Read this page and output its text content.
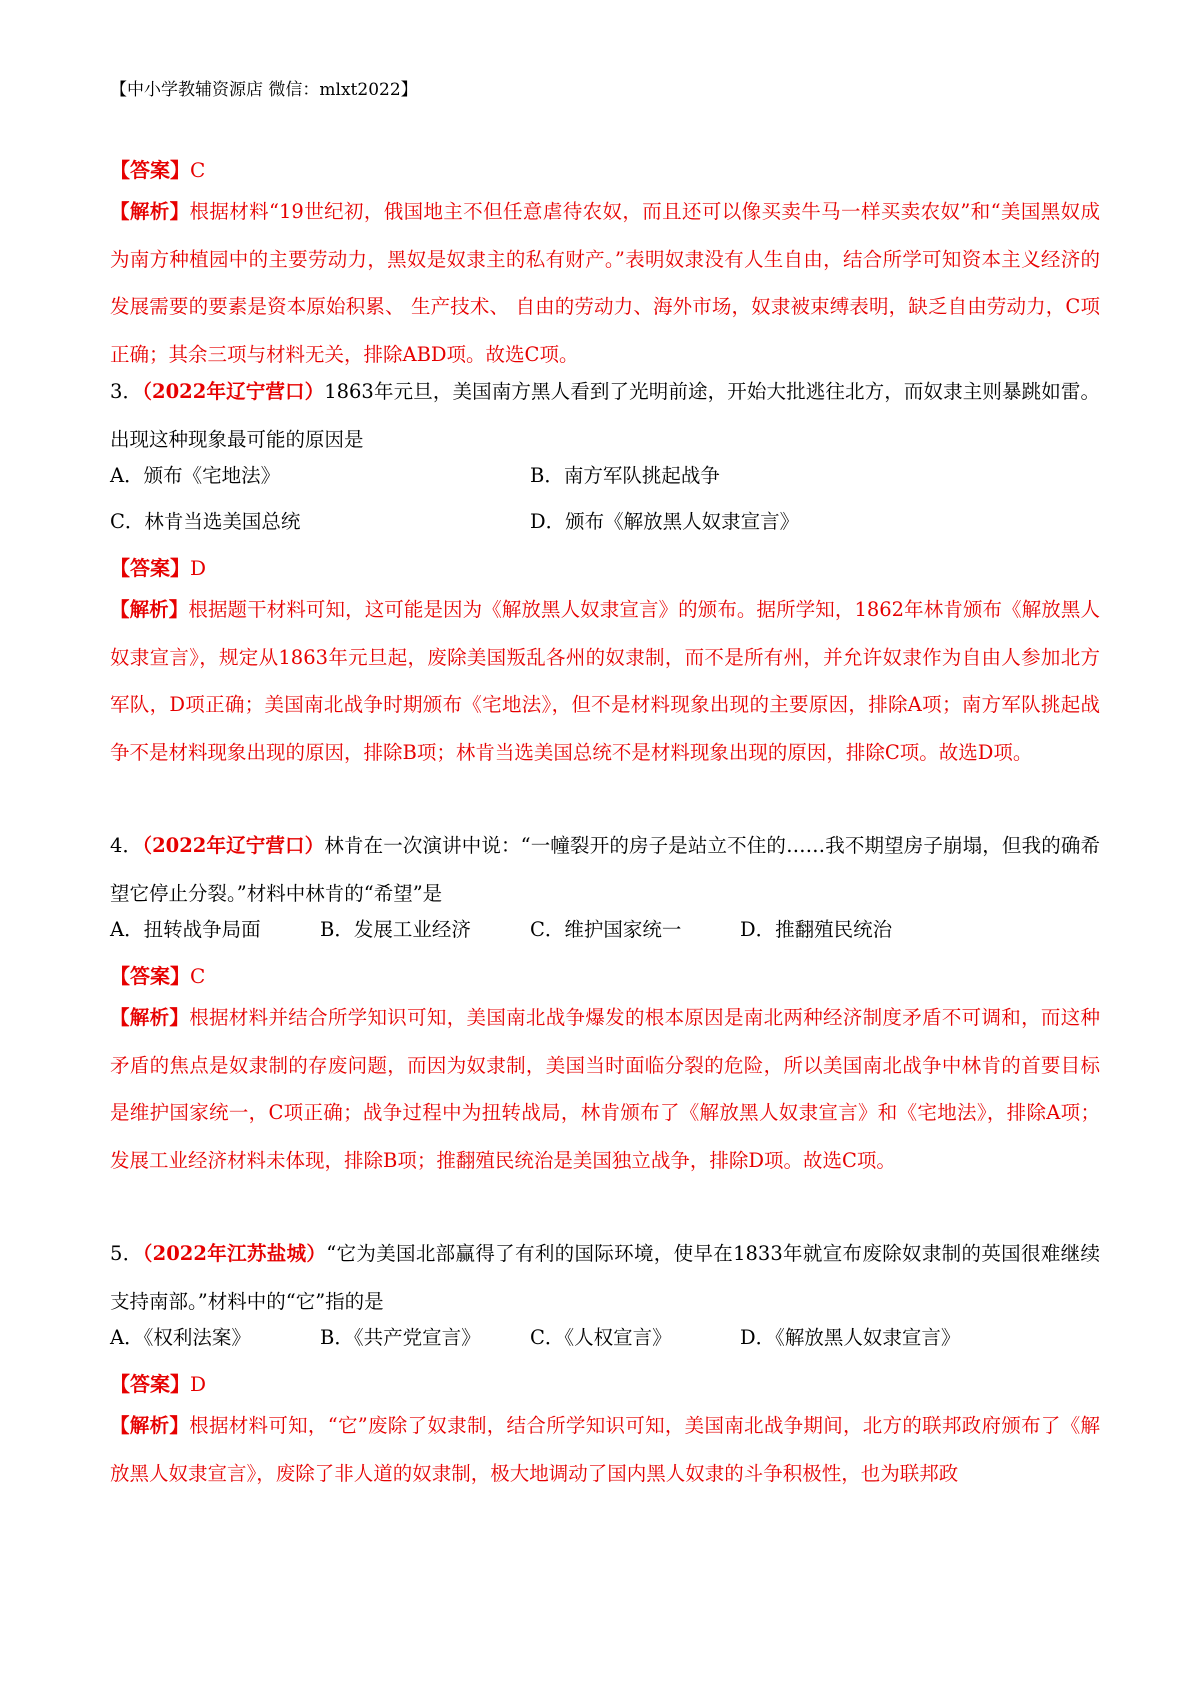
【中小学教辅资源店 微信：mlxt2022】
【答案】C
【解析】根据材料“19世纪初，俄国地主不但任意虐待农奴，而且还可以像买卖牛马一样买卖农奴”和“美国黑奴成为南方种植园中的主要劳动力，黑奴是奴隶主的私有财产。”表明奴隶没有人生自由，结合所学可知资本主义经济的发展需要的要素是资本原始积累、 生产技术、 自由的劳动力、海外市场，奴隶被束缚表明，缺乏自由劳动力，C项正确；其余三项与材料无关，排除ABD项。故选C项。
3．（2022年辽宁营口）1863年元旦，美国南方黑人看到了光明前途，开始大批逃往北方，而奴隶主则暴跳如雷。出现这种现象最可能的原因是
A．颁布《宅地法》	B．南方军队挑起战争
C．林肯当选美国总统	D．颁布《解放黑人奴隶宣言》
【答案】D
【解析】根据题干材料可知，这可能是因为《解放黑人奴隶宣言》的颁布。据所学知，1862年林肯颁布《解放黑人奴隶宣言》，规定从1863年元旦起，废除美国叛乱各州的奴隶制，而不是所有州，并允许奴隶作为自由人参加北方军队，D项正确；美国南北战争时期颁布《宅地法》，但不是材料现象出现的主要原因，排除A项；南方军队挑起战争不是材料现象出现的原因，排除B项；林肯当选美国总统不是材料现象出现的原因，排除C项。故选D项。
4．（2022年辽宁营口）林肯在一次演讲中说：“一幢裂开的房子是站立不住的……我不期望房子崩塌，但我的确希望它停止分裂。”材料中林肯的“希望”是
A．扭转战争局面	B．发展工业经济	C．维护国家统一	D．推翻殖民统治
【答案】C
【解析】根据材料并结合所学知识可知，美国南北战争爆发的根本原因是南北两种经济制度矛盾不可调和，而这种矛盾的焦点是奴隶制的存废问题，而因为奴隶制，美国当时面临分裂的危险，所以美国南北战争中林肯的首要目标是维护国家统一，C项正确；战争过程中为扭转战局，林肯颁布了《解放黑人奴隶宣言》和《宅地法》，排除A项；发展工业经济材料未体现，排除B项；推翻殖民统治是美国独立战争，排除D项。故选C项。
5．（2022年江苏盐城）“它为美国北部赢得了有利的国际环境，使早在1833年就宣布废除奴隶制的英国很难继续支持南部。”材料中的“它”指的是
A．《权利法案》	B．《共产党宣言》	C．《人权宣言》	D．《解放黑人奴隶宣言》
【答案】D
【解析】根据材料可知，“它”废除了奴隶制，结合所学知识可知，美国南北战争期间，北方的联邦政府颁布了《解放黑人奴隶宣言》，废除了非人道的奴隶制，极大地调动了国内黑人奴隶的斗争积极性，也为联邦政
